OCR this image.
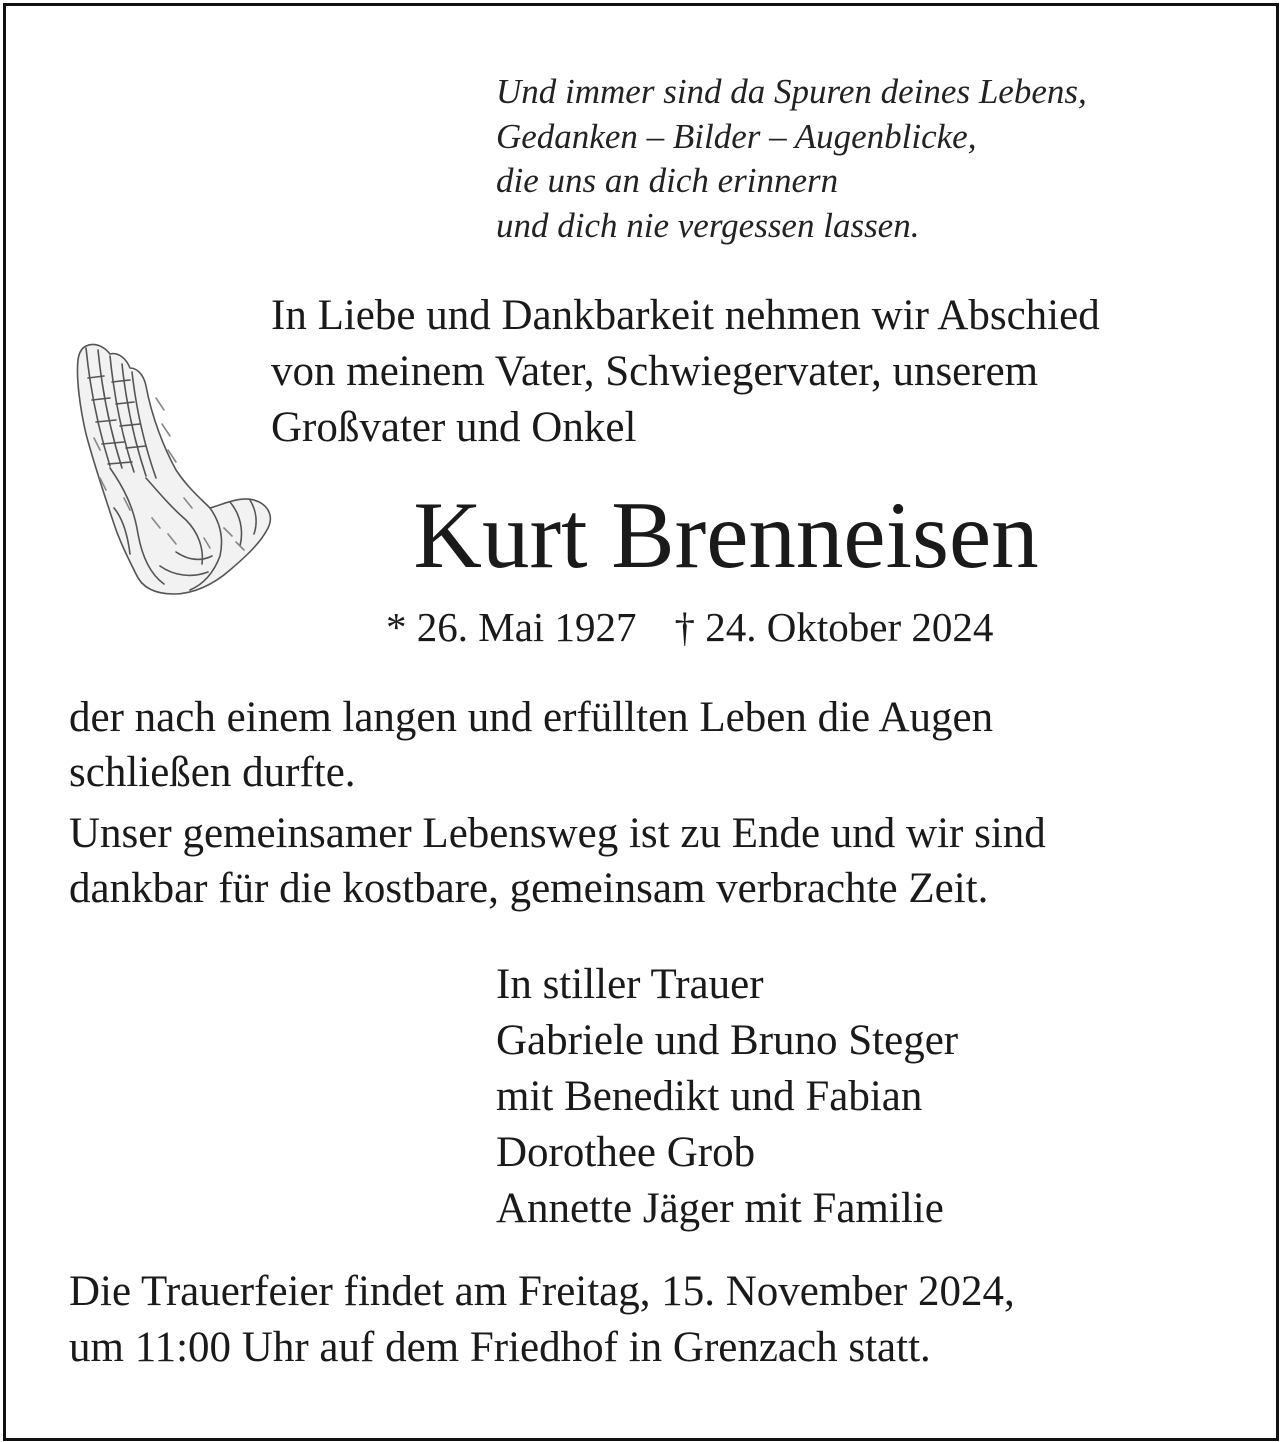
Und immer sind da Spuren deines Lebens,
Gedanken – Bilder – Augenblicke,
die uns an dich erinnern
und dich nie vergessen lassen.
In Liebe und Dankbarkeit nehmen wir Abschied
von meinem Vater, Schwiegervater, unserem
Großvater und Onkel
Kurt Brenneisen
* 26. Mai 1927 † 24. Oktober 2024
der nach einem langen und erfüllten Leben die Augen
schließen durfte.
Unser gemeinsamer Lebensweg ist zu Ende und wir sind
dankbar für die kostbare, gemeinsam verbrachte Zeit.
In stiller Trauer
Gabriele und Bruno Steger
mit Benedikt und Fabian
Dorothee Grob
Annette Jäger mit Familie
Die Trauerfeier findet am Freitag, 15. November 2024,
um 11:00 Uhr auf dem Friedhof in Grenzach statt.
